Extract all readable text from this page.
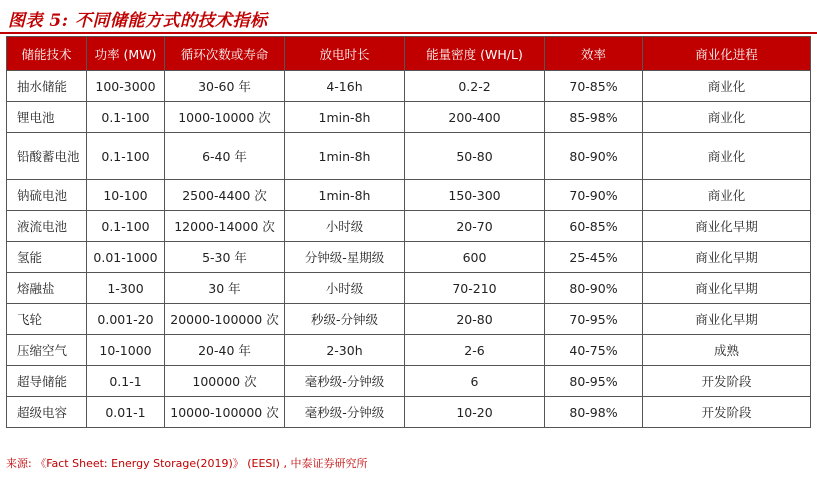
图表 5: 不同储能方式的技术指标
储能技术	功率 (MW)	循环次数或寿命	放电时长	能量密度 (WH/L)	效率	商业化进程
抽水储能	100-3000	30-60 年	4-16h	0.2-2	70-85%	商业化
锂电池	0.1-100	1000-10000 次	1min-8h	200-400	85-98%	商业化
铅酸蓄电池	0.1-100	6-40 年	1min-8h	50-80	80-90%	商业化
钠硫电池	10-100	2500-4400 次	1min-8h	150-300	70-90%	商业化
液流电池	0.1-100	12000-14000 次	小时级	20-70	60-85%	商业化早期
氢能	0.01-1000	5-30 年	分钟级-星期级	600	25-45%	商业化早期
熔融盐	1-300	30 年	小时级	70-210	80-90%	商业化早期
飞轮	0.001-20	20000-100000 次	秒级-分钟级	20-80	70-95%	商业化早期
压缩空气	10-1000	20-40 年	2-30h	2-6	40-75%	成熟
超导储能	0.1-1	100000 次	毫秒级-分钟级	6	80-95%	开发阶段
超级电容	0.01-1	10000-100000 次	毫秒级-分钟级	10-20	80-98%	开发阶段
来源: 《Fact Sheet: Energy Storage(2019)》 (EESI) , 中泰证券研究所
